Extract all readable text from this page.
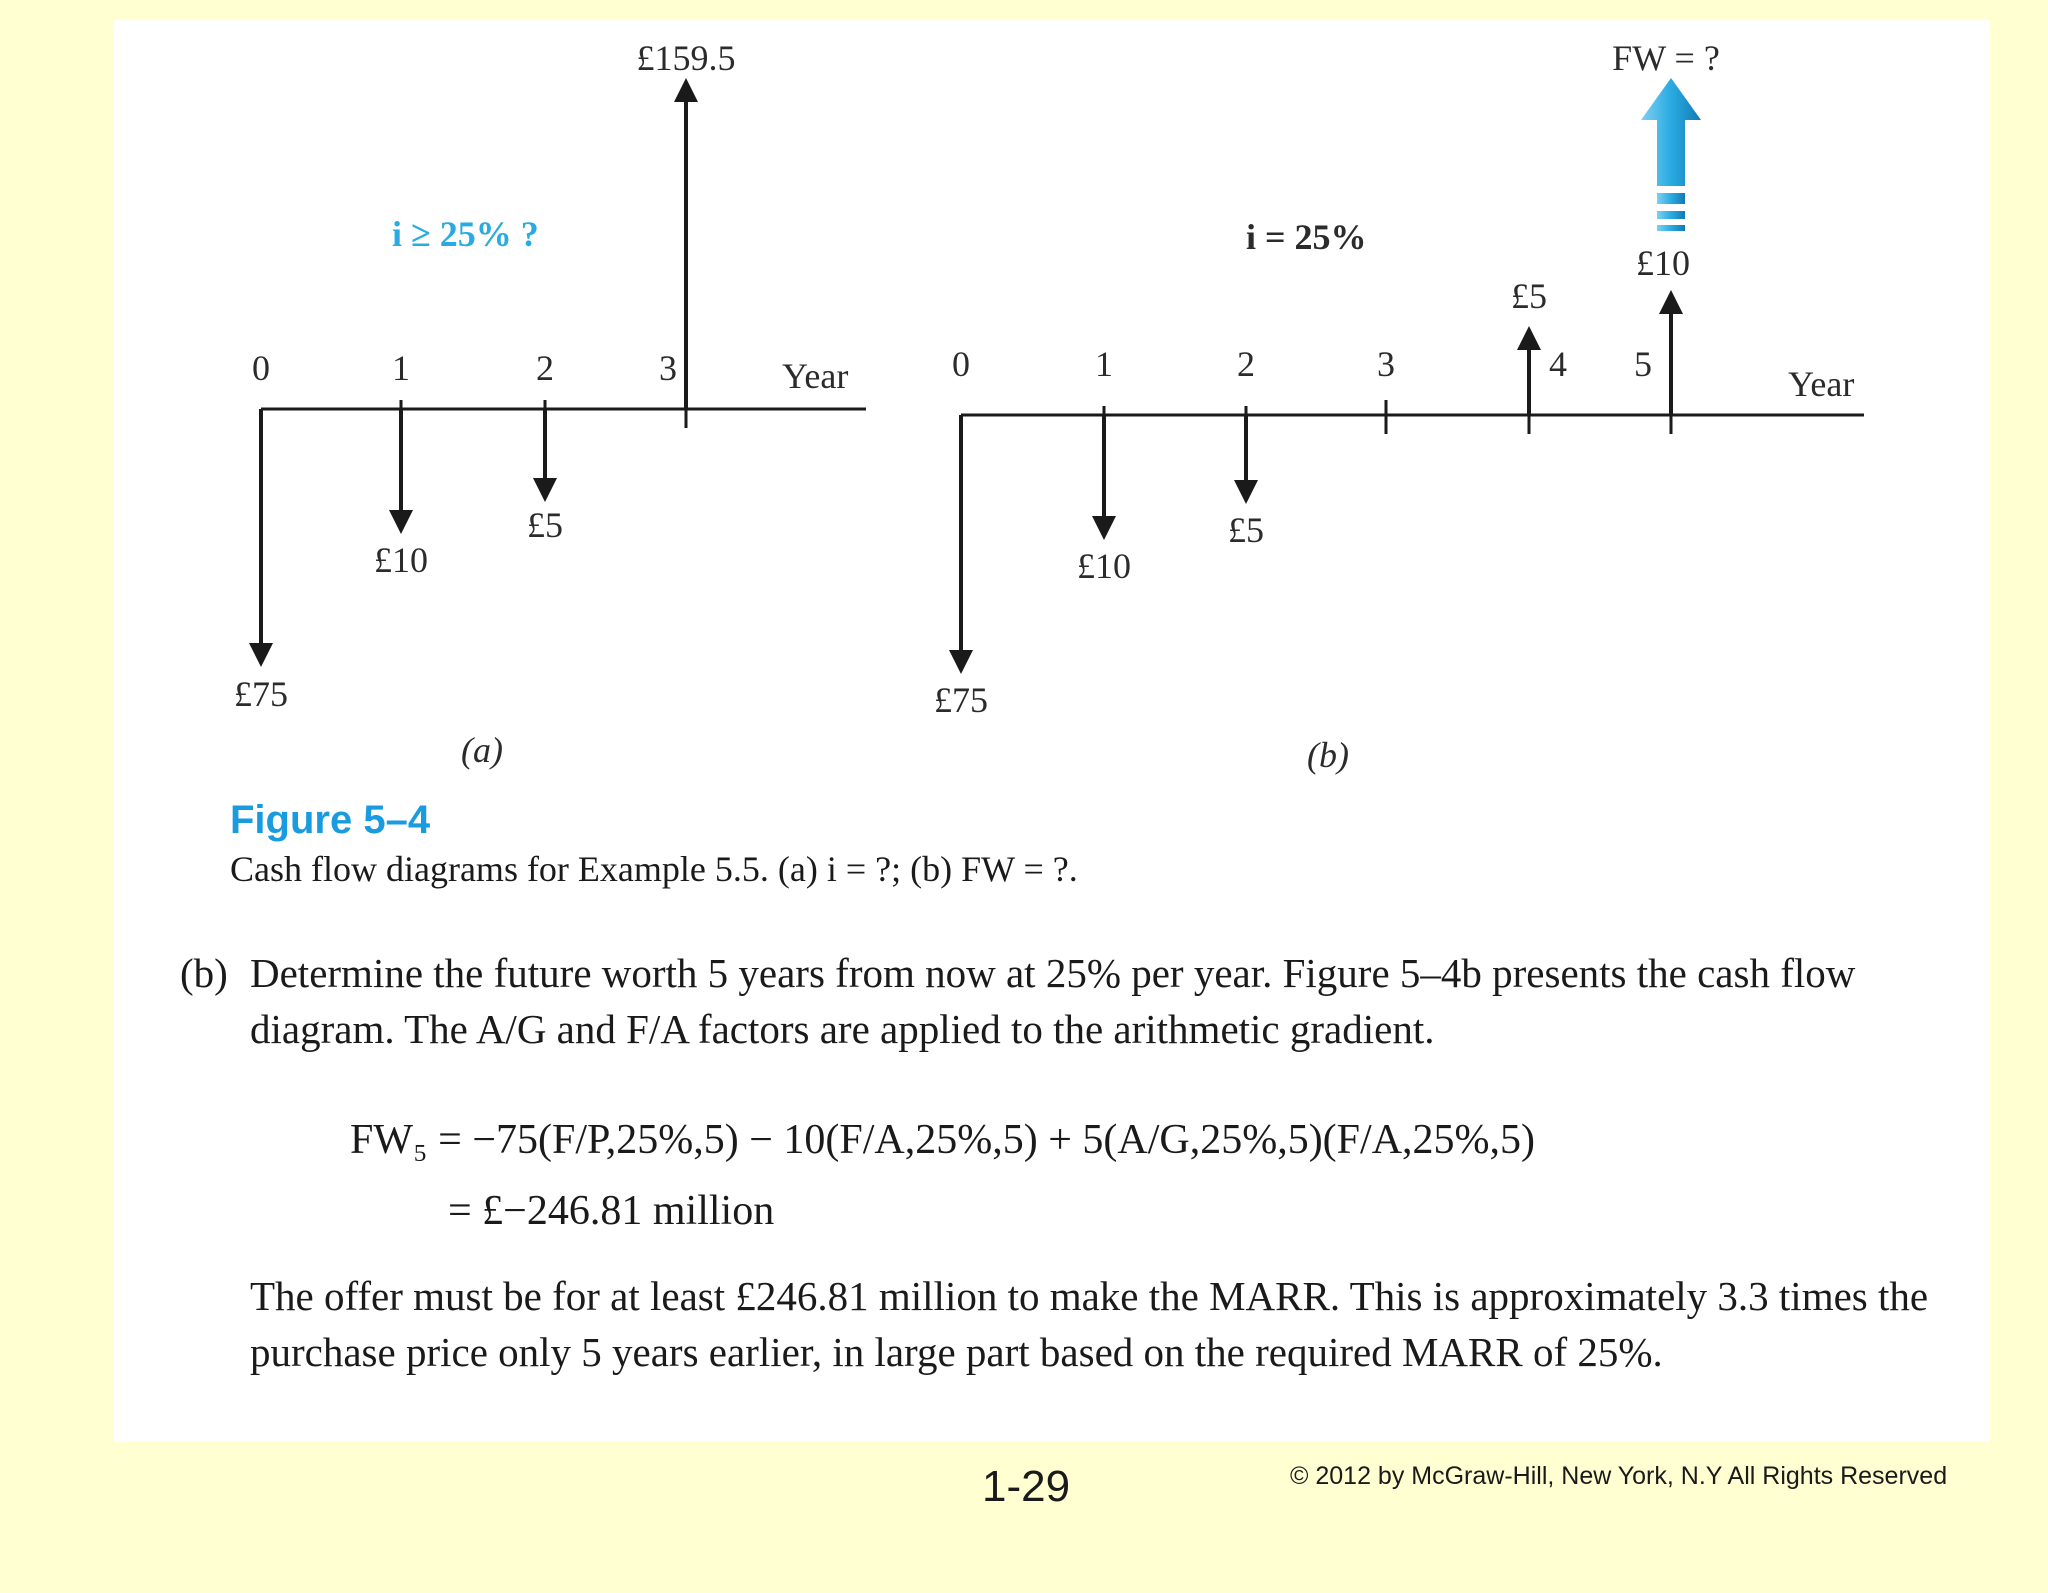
0	1	2	3	Year
i ≥ 25% ?
£75
£10
£5
£159.5
(a)
0	1	2	3	4 5	Year
i = 25%
£75
£10
£5
£5
£10
FW = ?
(b)

Figure 5–4

Cash flow diagrams for Example 5.5. (a) i = ?; (b) FW = ?.

(b) Determine the future worth 5 years from now at 25% per year. Figure 5–4b presents the cash flow diagram. The A/G and F/A factors are applied to the arithmetic gradient.

FW₅ = −75(F/P,25%,5) − 10(F/A,25%,5) + 5(A/G,25%,5)(F/A,25%,5)

= £−246.81 million

The offer must be for at least £246.81 million to make the MARR. This is approximately 3.3 times the purchase price only 5 years earlier, in large part based on the required MARR of 25%.

1-29	© 2012 by McGraw-Hill, New York, N.Y All Rights Reserved
